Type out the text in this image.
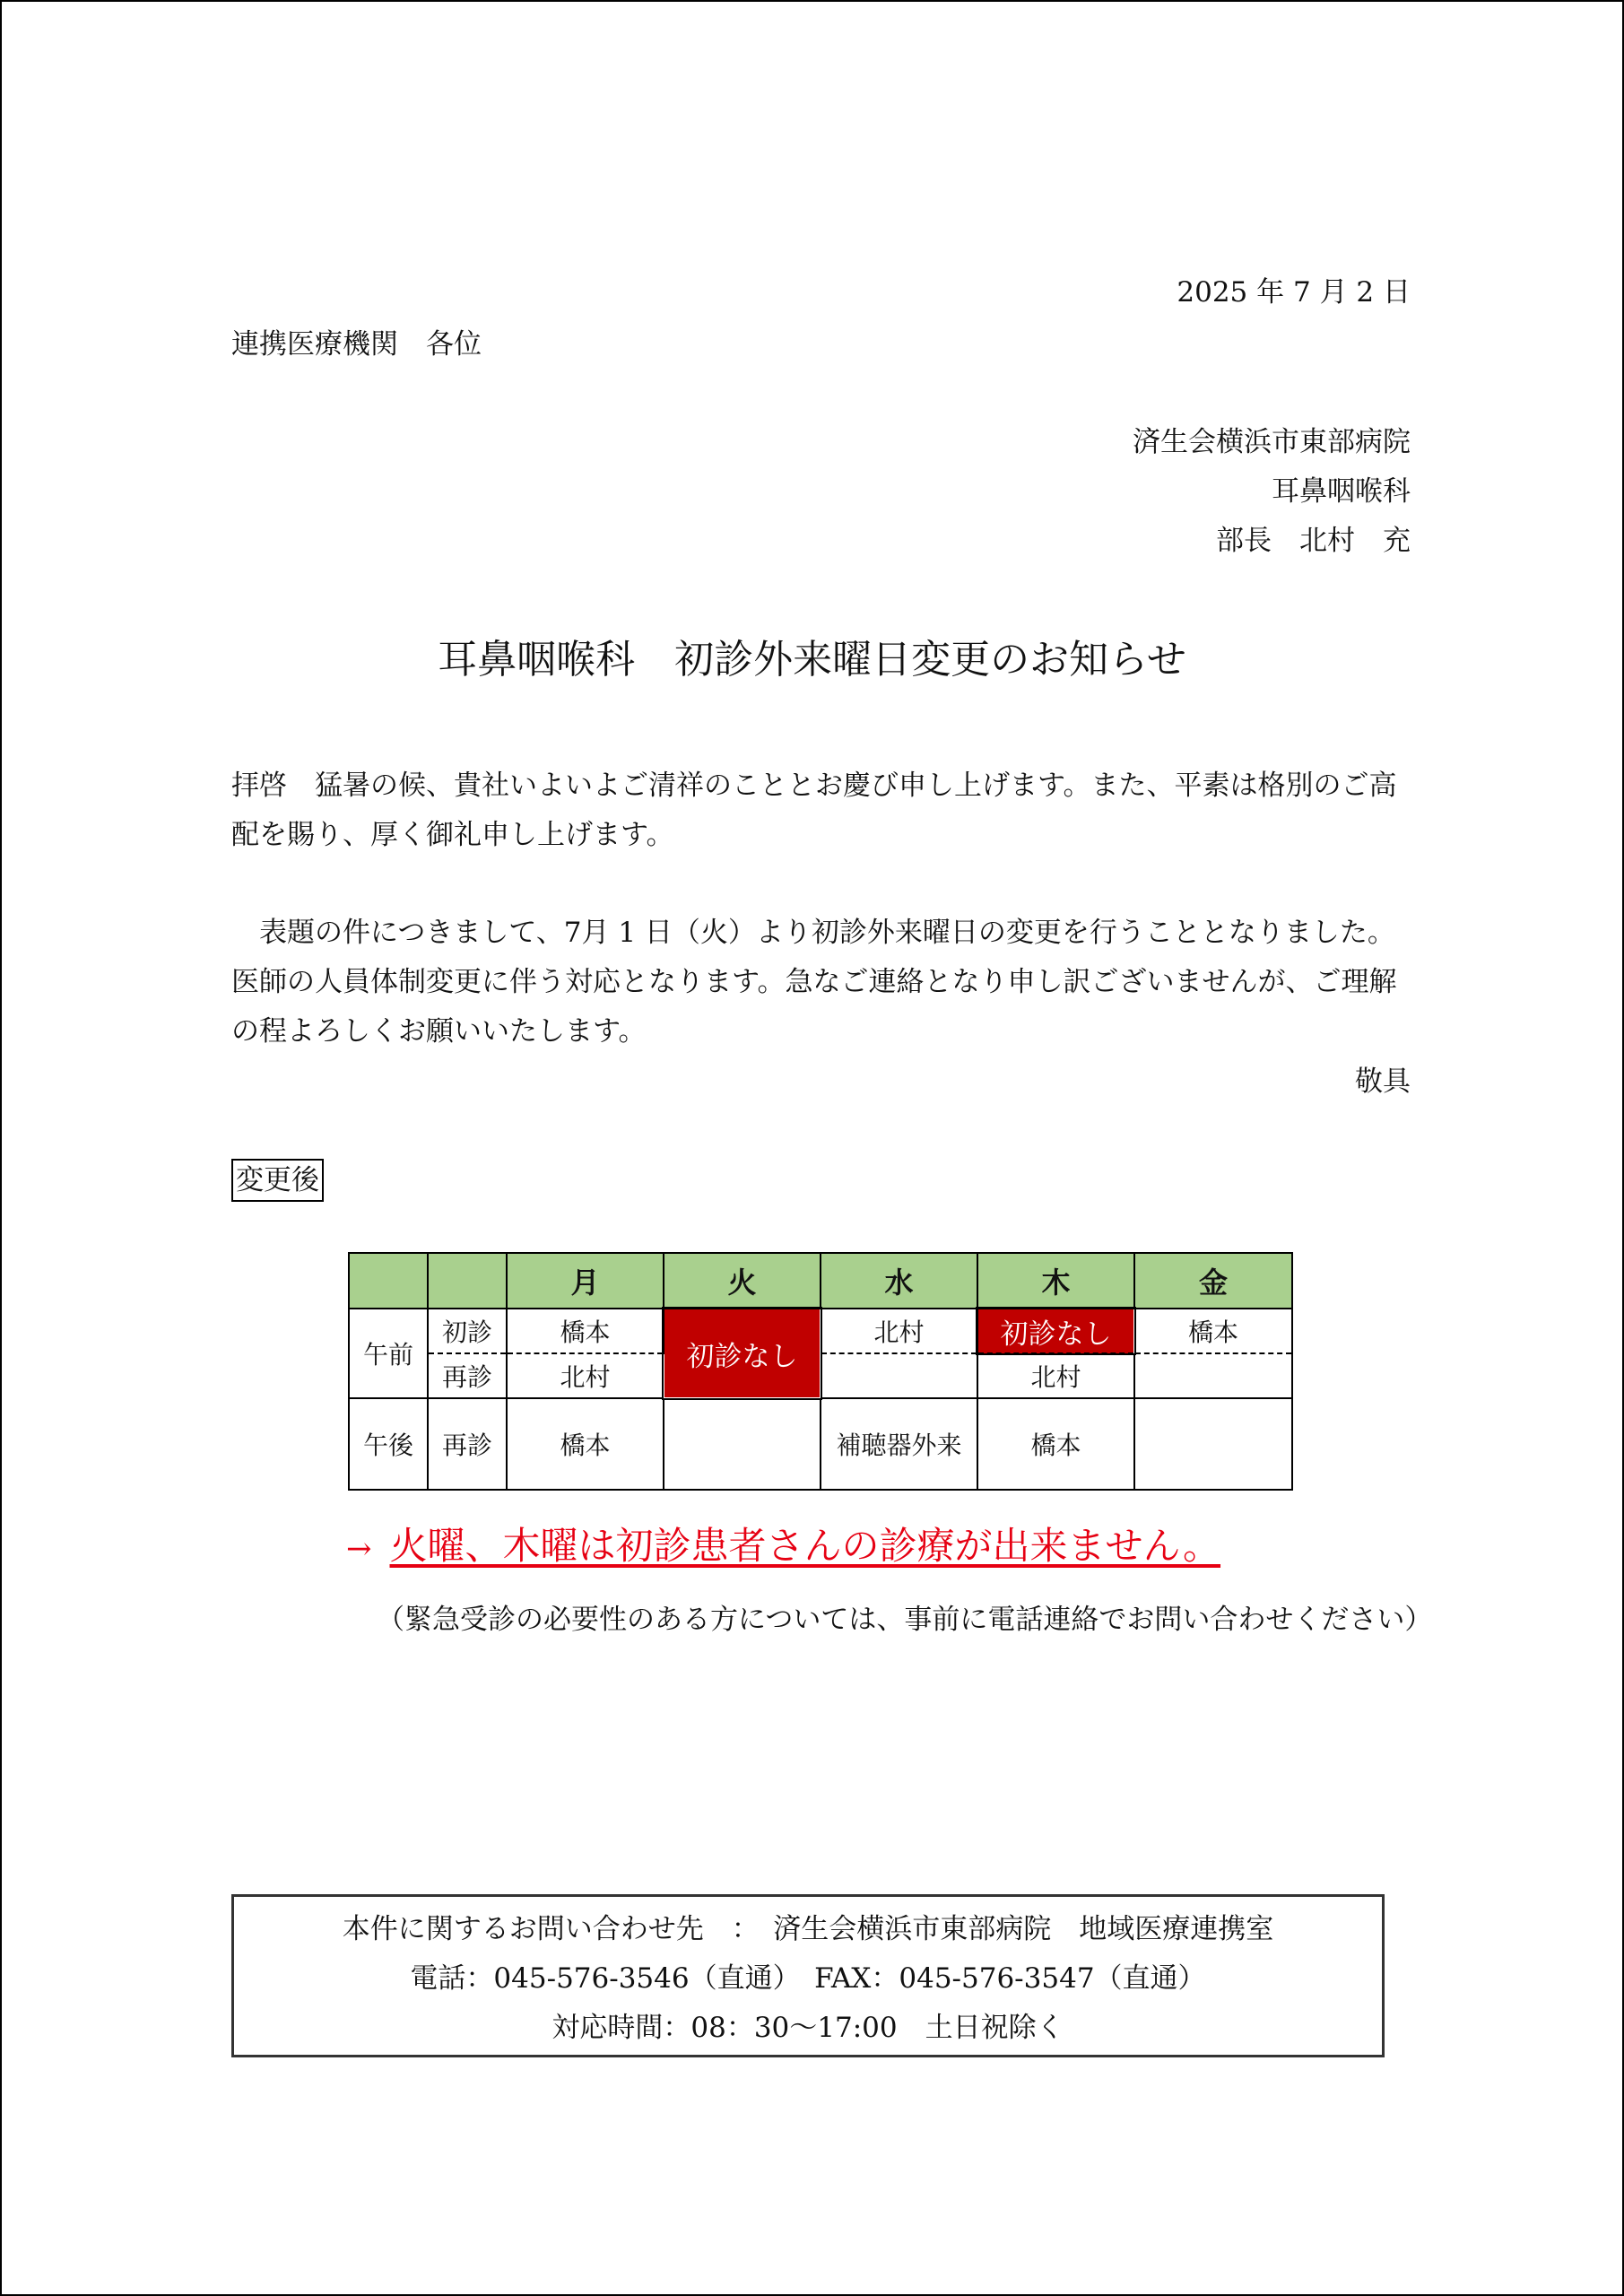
2025 年 7 月 2 日
連携医療機関　各位
済生会横浜市東部病院
耳鼻咽喉科
部長　北村　充
耳鼻咽喉科　初診外来曜日変更のお知らせ
拝啓　猛暑の候、貴社いよいよご清祥のこととお慶び申し上げます。また、平素は格別のご高配を賜り、厚く御礼申し上げます。
　表題の件につきまして、7月 1 日（火）より初診外来曜日の変更を行うこととなりました。医師の人員体制変更に伴う対応となります。急なご連絡となり申し訳ございませんが、ご理解の程よろしくお願いいたします。
敬具
変更後
		月	火	水	木	金
午前	初診	橋本	初診なし	北村	初診なし	橋本
	再診	北村			北村	
午後	再診	橋本		補聴器外来	橋本	
→ 火曜、木曜は初診患者さんの診療が出来ません。
（緊急受診の必要性のある方については、事前に電話連絡でお問い合わせください）
本件に関するお問い合わせ先　：　済生会横浜市東部病院　地域医療連携室
電話：045-576-3546（直通）　FAX：045-576-3547（直通）
対応時間：08：30～17:00　土日祝除く
